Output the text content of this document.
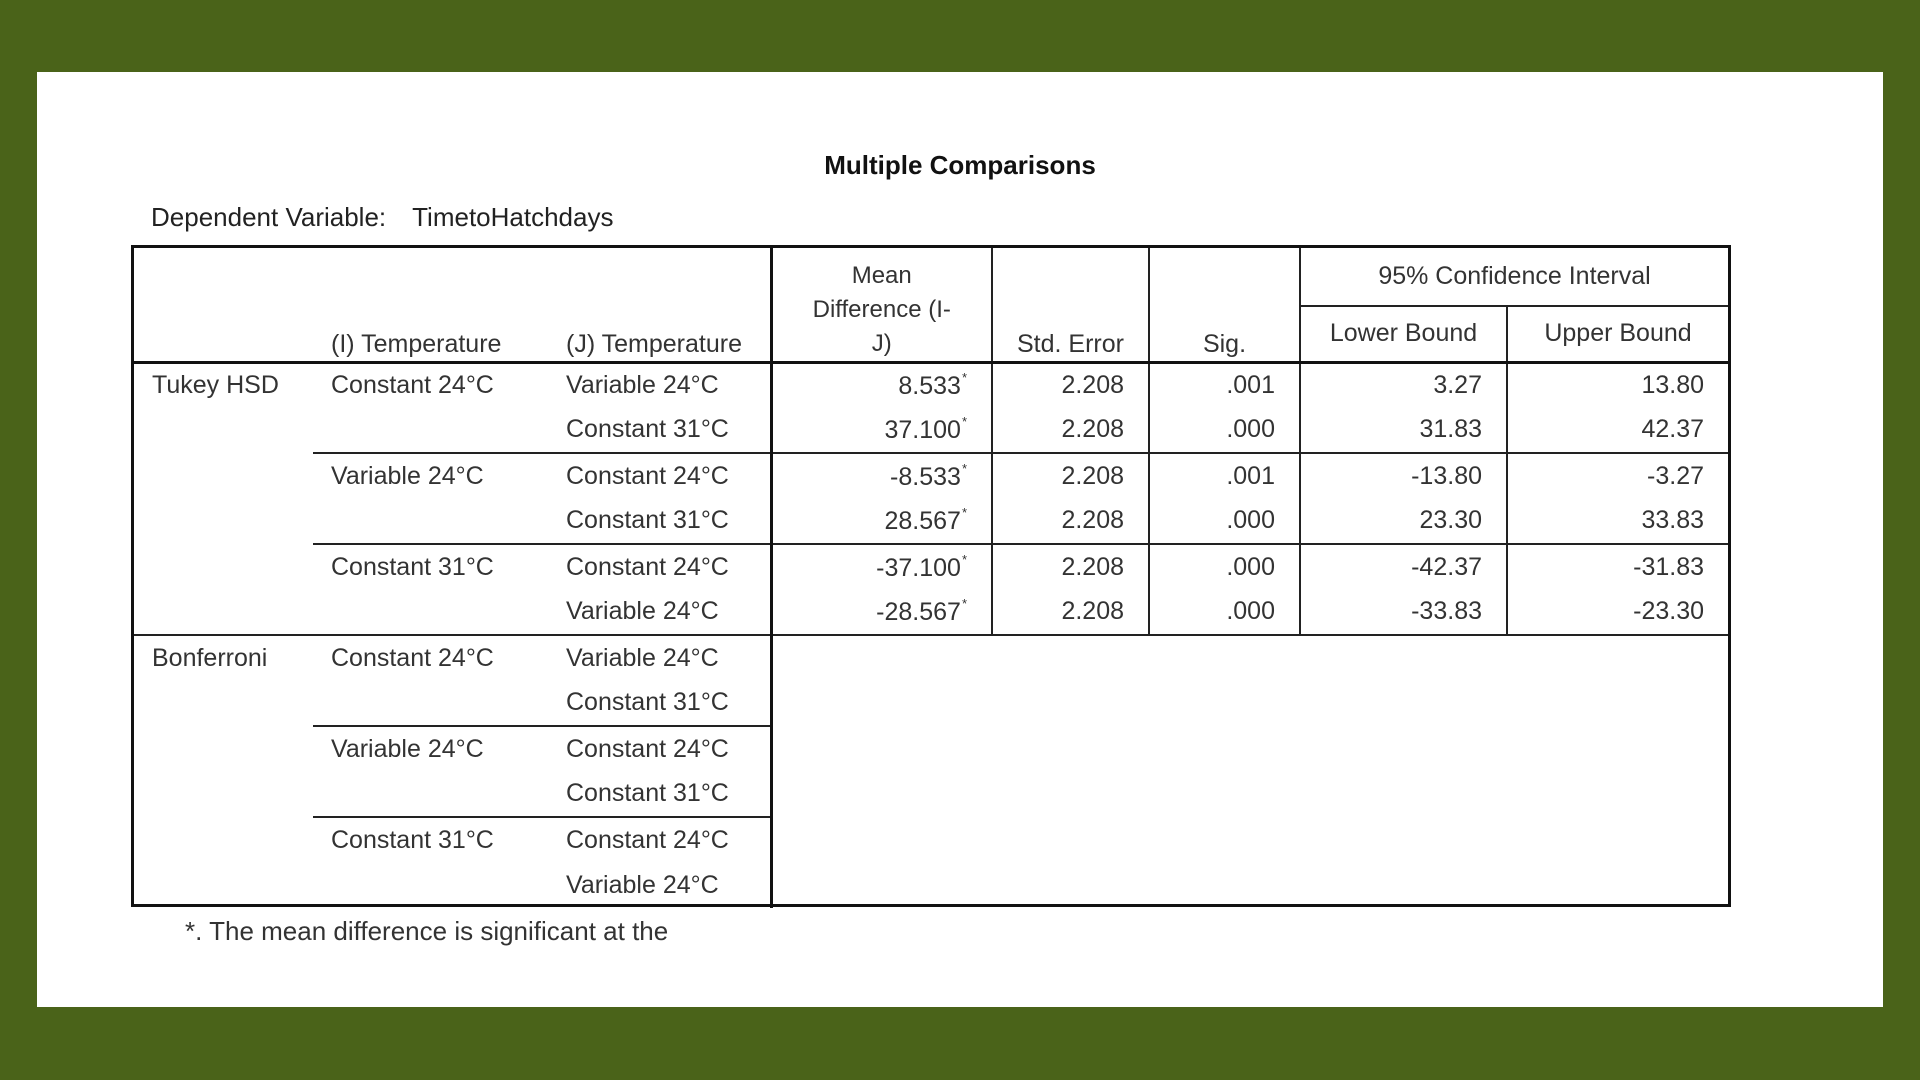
Multiple Comparisons
Dependent Variable: TimetoHatchdays
	(I) Temperature	(J) Temperature	Mean
Difference (I-
J)	Std. Error	Sig.	95% Confidence Interval	
						Lower Bound	Upper Bound
Tukey HSD	Constant 24°C	Variable 24°C	8.533*	2.208	.001	3.27	13.80
		Constant 31°C	37.100*	2.208	.000	31.83	42.37
	Variable 24°C	Constant 24°C	-8.533*	2.208	.001	-13.80	-3.27
		Constant 31°C	28.567*	2.208	.000	23.30	33.83
	Constant 31°C	Constant 24°C	-37.100*	2.208	.000	-42.37	-31.83
		Variable 24°C	-28.567*	2.208	.000	-33.83	-23.30
Bonferroni	Constant 24°C	Variable 24°C					
		Constant 31°C					
	Variable 24°C	Constant 24°C					
		Constant 31°C					
	Constant 31°C	Constant 24°C					
		Variable 24°C					
*. The mean difference is significant at the
